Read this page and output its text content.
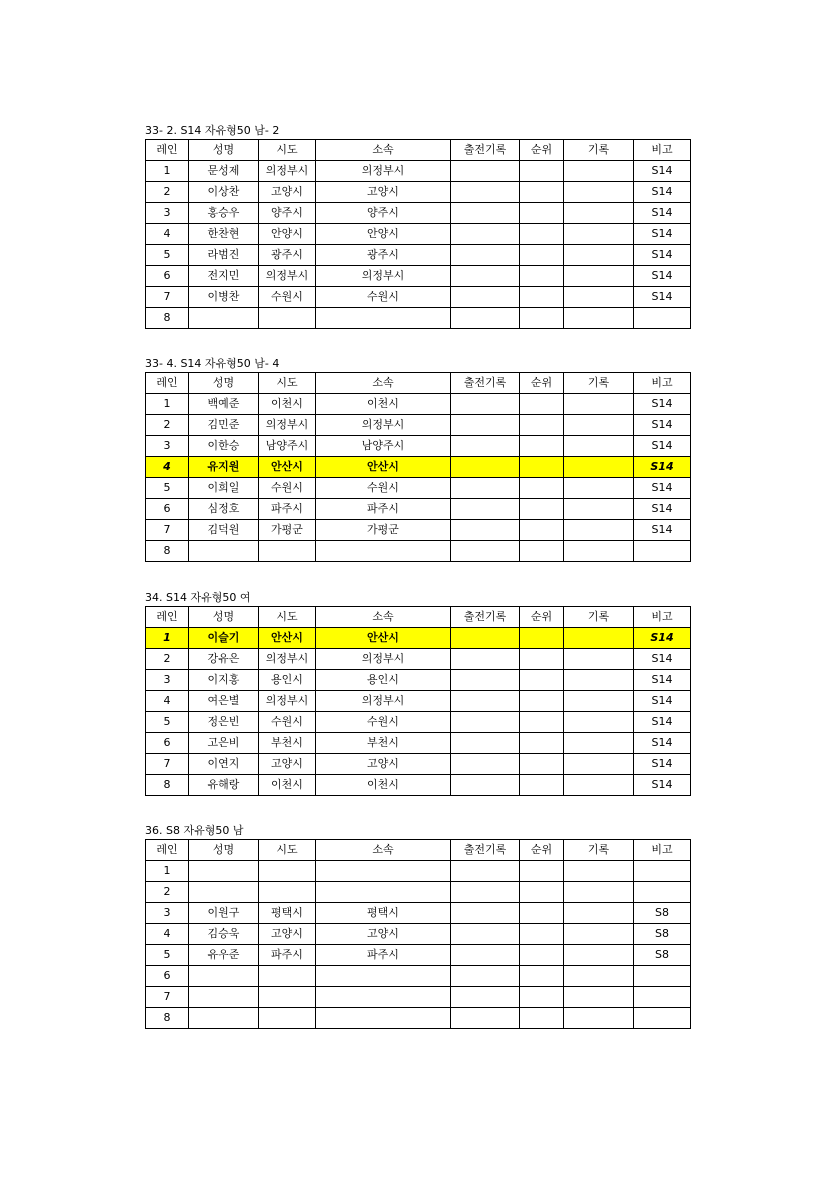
33- 2. S14 자유형50 남- 2
레인	성명	시도	소속	출전기록	순위	기록	비고
1	문성제	의정부시	의정부시				S14
2	이상찬	고양시	고양시				S14
3	홍승우	양주시	양주시				S14
4	한찬현	안양시	안양시				S14
5	라범진	광주시	광주시				S14
6	전지민	의정부시	의정부시				S14
7	이병찬	수원시	수원시				S14
8							
33- 4. S14 자유형50 남- 4
레인	성명	시도	소속	출전기록	순위	기록	비고
1	백예준	이천시	이천시				S14
2	김민준	의정부시	의정부시				S14
3	이한승	남양주시	남양주시				S14
4	유지원	안산시	안산시				S14
5	이희일	수원시	수원시				S14
6	심정호	파주시	파주시				S14
7	김덕원	가평군	가평군				S14
8							
34. S14 자유형50 여
레인	성명	시도	소속	출전기록	순위	기록	비고
1	이슬기	안산시	안산시				S14
2	강유은	의정부시	의정부시				S14
3	이지홍	용인시	용인시				S14
4	여은별	의정부시	의정부시				S14
5	정은빈	수원시	수원시				S14
6	고은비	부천시	부천시				S14
7	이연지	고양시	고양시				S14
8	유해랑	이천시	이천시				S14
36. S8 자유형50 남
레인	성명	시도	소속	출전기록	순위	기록	비고
1							
2							
3	이원구	평택시	평택시				S8
4	김승욱	고양시	고양시				S8
5	유우준	파주시	파주시				S8
6							
7							
8							
